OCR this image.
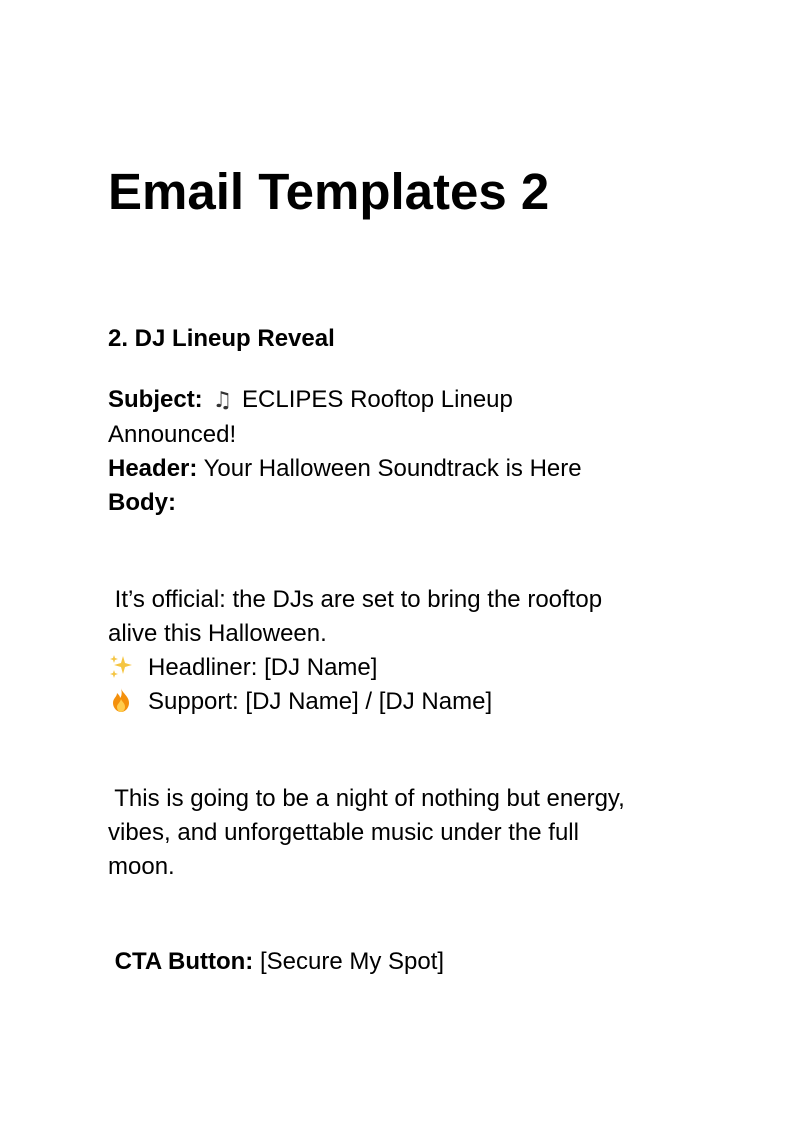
Email Templates 2
2. DJ Lineup Reveal

Subject: ♫ ECLIPES Rooftop Lineup
Announced!

Header: Your Halloween Soundtrack is Here

Body:

It’s official: the DJs are set to bring the rooftop

alive this Halloween.

Headliner: [DJ Name]

Support: [DJ Name] / [DJ Name]

This is going to be a night of nothing but energy,
vibes, and unforgettable music under the full
moon.

CTA Button: [Secure My Spot]
